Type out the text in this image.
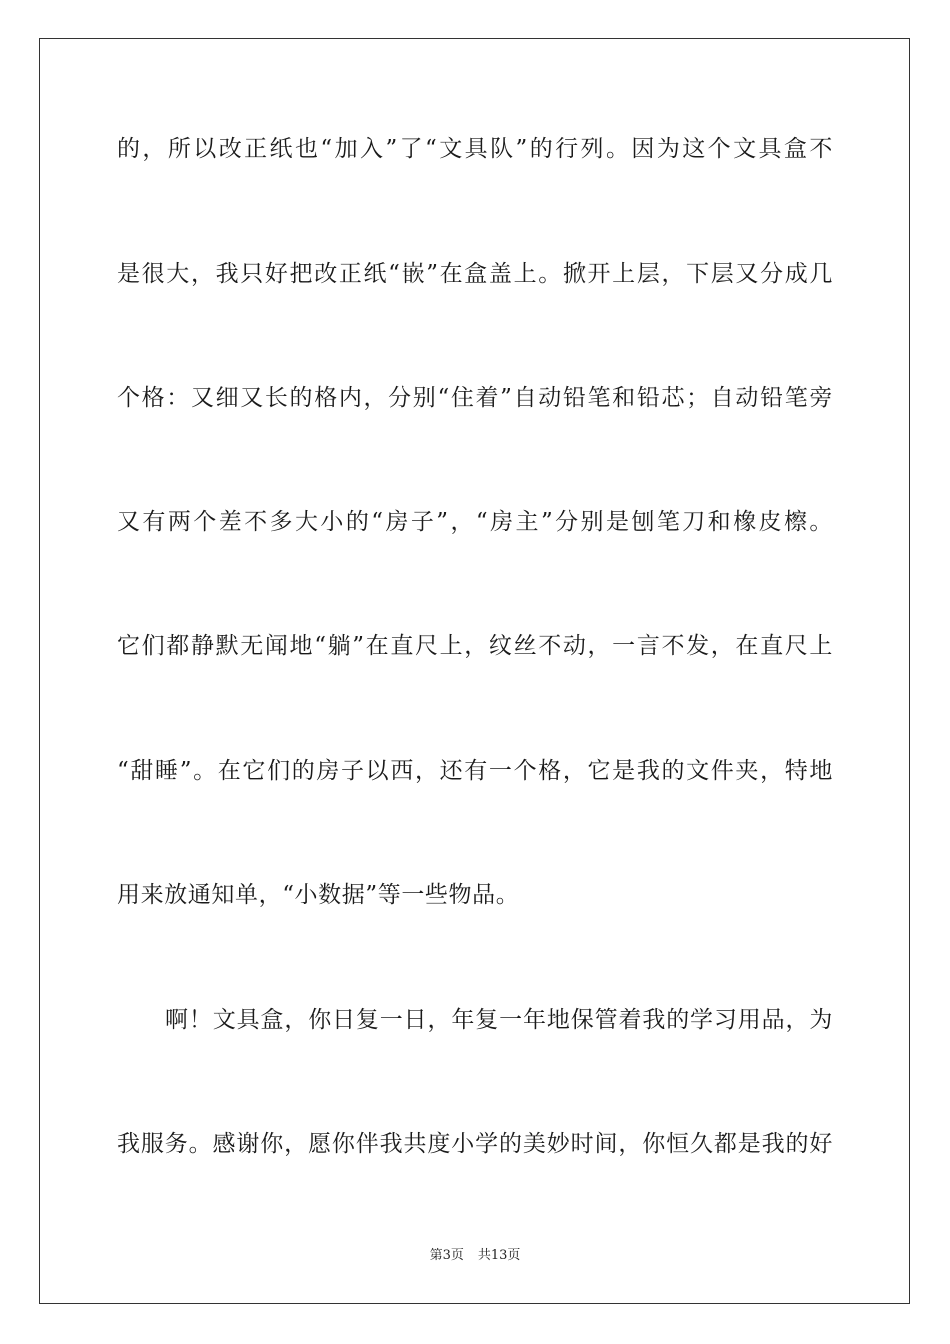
的，所以改正纸也“加入”了“文具队”的行列。因为这个文具盒不
是很大，我只好把改正纸“嵌”在盒盖上。掀开上层，下层又分成几
个格：又细又长的格内，分别“住着”自动铅笔和铅芯；自动铅笔旁
又有两个差不多大小的“房子”，“房主”分别是刨笔刀和橡皮檫。
它们都静默无闻地“躺”在直尺上，纹丝不动，一言不发，在直尺上
“甜睡”。在它们的房子以西，还有一个格，它是我的文件夹，特地
用来放通知单，“小数据”等一些物品。
啊！文具盒，你日复一日，年复一年地保管着我的学习用品，为
我服务。感谢你，愿你伴我共度小学的美妙时间，你恒久都是我的好
第3页 共13页
